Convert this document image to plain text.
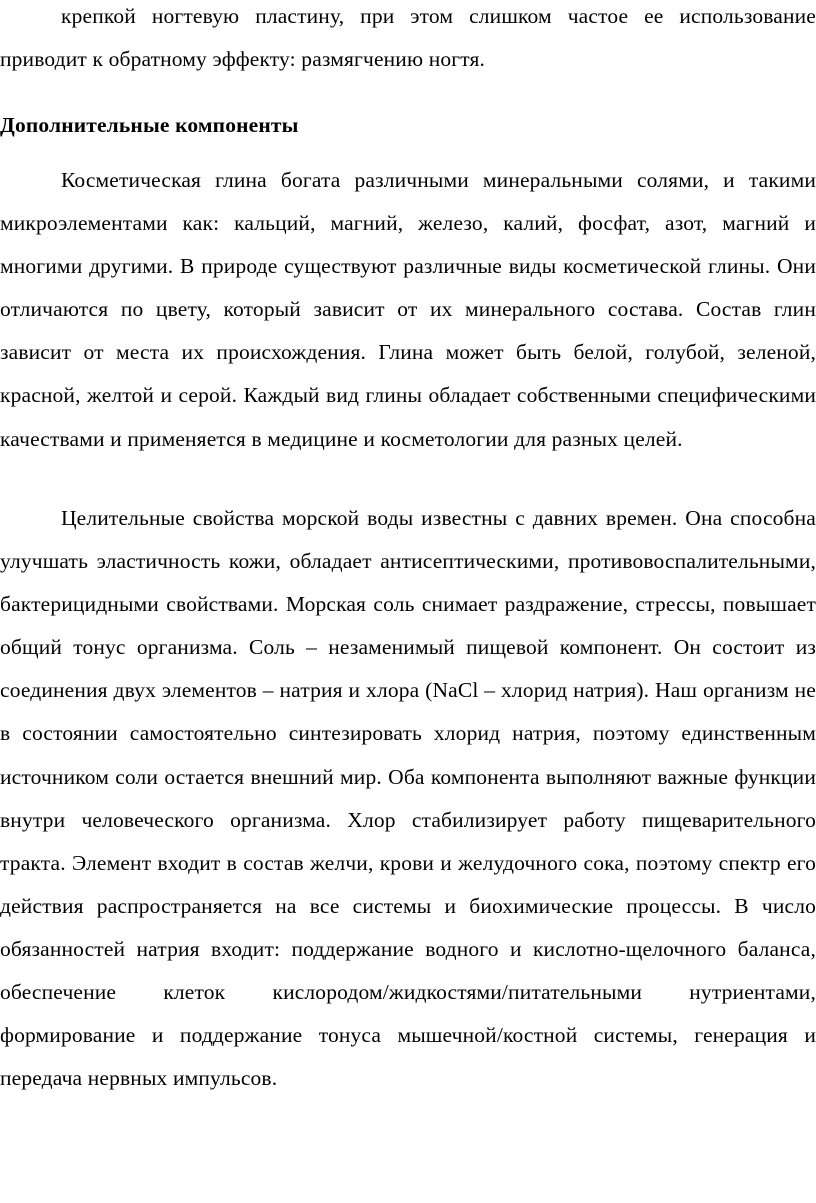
крепкой ногтевую пластину, при этом слишком частое ее использование приводит к обратному эффекту: размягчению ногтя.

Дополнительные компоненты

Косметическая глина богата различными минеральными солями, и такими микроэлементами как: кальций, магний, железо, калий, фосфат, азот, магний и многими другими. В природе существуют различные виды косметической глины. Они отличаются по цвету, который зависит от их минерального состава. Состав глин зависит от места их происхождения. Глина может быть белой, голубой, зеленой, красной, желтой и серой. Каждый вид глины обладает собственными специфическими качествами и применяется в медицине и косметологии для разных целей.

Целительные свойства морской воды известны с давних времен. Она способна улучшать эластичность кожи, обладает антисептическими, противовоспалительными, бактерицидными свойствами. Морская соль снимает раздражение, стрессы, повышает общий тонус организма. Соль – незаменимый пищевой компонент. Он состоит из соединения двух элементов – натрия и хлора (NaCl – хлорид натрия). Наш организм не в состоянии самостоятельно синтезировать хлорид натрия, поэтому единственным источником соли остается внешний мир. Оба компонента выполняют важные функции внутри человеческого организма. Хлор стабилизирует работу пищеварительного тракта. Элемент входит в состав желчи, крови и желудочного сока, поэтому спектр его действия распространяется на все системы и биохимические процессы. В число обязанностей натрия входит: поддержание водного и кислотно-щелочного баланса, обеспечение клеток кислородом/жидкостями/питательными нутриентами, формирование и поддержание тонуса мышечной/костной системы, генерация и передача нервных импульсов.
